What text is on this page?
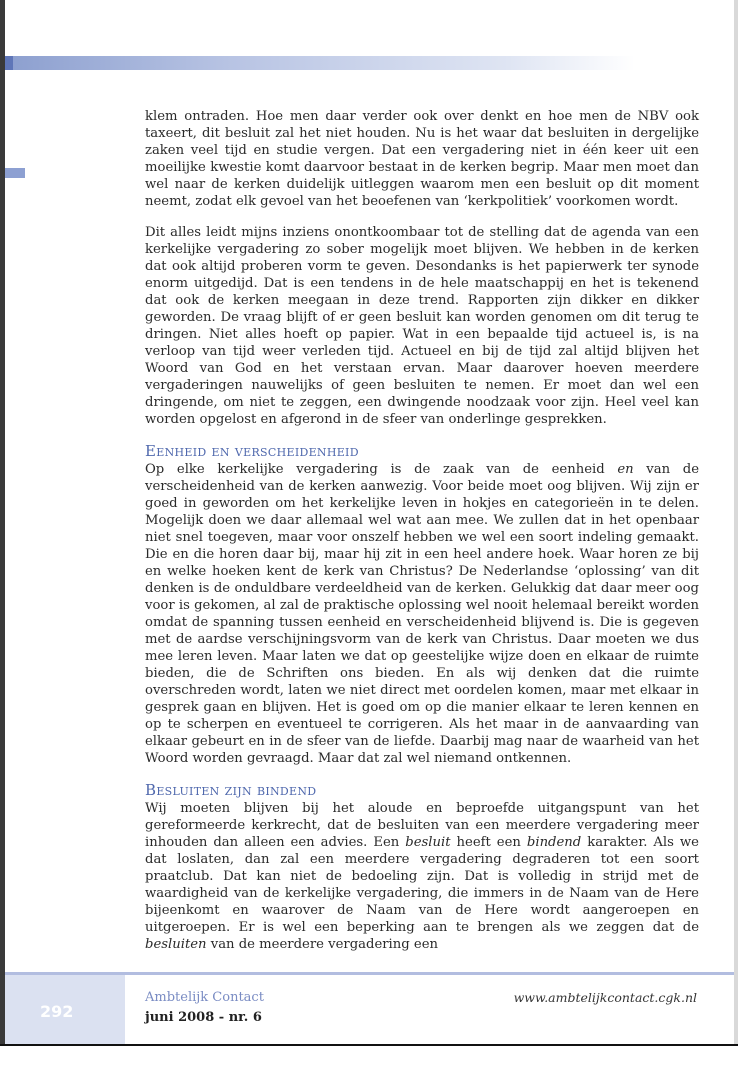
klem ontraden. Hoe men daar verder ook over denkt en hoe men de NBV ook taxeert, dit besluit zal het niet houden. Nu is het waar dat besluiten in dergelijke zaken veel tijd en studie vergen. Dat een vergadering niet in één keer uit een moeilijke kwestie komt daarvoor bestaat in de kerken begrip. Maar men moet dan wel naar de kerken duidelijk uitleggen waarom men een besluit op dit moment neemt, zodat elk gevoel van het beoefenen van ‘kerkpolitiek’ voorkomen wordt.

Dit alles leidt mijns inziens onontkoombaar tot de stelling dat de agenda van een kerkelijke vergadering zo sober mogelijk moet blijven. We hebben in de kerken dat ook altijd proberen vorm te geven. Desondanks is het papierwerk ter synode enorm uitgedijd. Dat is een tendens in de hele maatschappij en het is tekenend dat ook de kerken meegaan in deze trend. Rapporten zijn dikker en dikker geworden. De vraag blijft of er geen besluit kan worden genomen om dit terug te dringen. Niet alles hoeft op papier. Wat in een bepaalde tijd actueel is, is na verloop van tijd weer verleden tijd. Actueel en bij de tijd zal altijd blijven het Woord van God en het verstaan ervan. Maar daarover hoeven meerdere vergaderingen nauwelijks of geen besluiten te nemen. Er moet dan wel een dringende, om niet te zeggen, een dwingende noodzaak voor zijn. Heel veel kan worden opgelost en afgerond in de sfeer van onderlinge gesprekken.

Eenheid en verscheidenheid

Op elke kerkelijke vergadering is de zaak van de eenheid en van de verscheidenheid van de kerken aanwezig. Voor beide moet oog blijven. Wij zijn er goed in geworden om het kerkelijke leven in hokjes en categorieën in te delen. Mogelijk doen we daar allemaal wel wat aan mee. We zullen dat in het openbaar niet snel toegeven, maar voor onszelf hebben we wel een soort indeling gemaakt. Die en die horen daar bij, maar hij zit in een heel andere hoek. Waar horen ze bij en welke hoeken kent de kerk van Christus? De Nederlandse ‘oplossing’ van dit denken is de onduldbare verdeeldheid van de kerken. Gelukkig dat daar meer oog voor is gekomen, al zal de praktische oplossing wel nooit helemaal bereikt worden omdat de spanning tussen eenheid en verscheidenheid blijvend is. Die is gegeven met de aardse verschijningsvorm van de kerk van Christus. Daar moeten we dus mee leren leven. Maar laten we dat op geestelijke wijze doen en elkaar de ruimte bieden, die de Schriften ons bieden. En als wij denken dat die ruimte overschreden wordt, laten we niet direct met oordelen komen, maar met elkaar in gesprek gaan en blijven. Het is goed om op die manier elkaar te leren kennen en op te scherpen en eventueel te corrigeren. Als het maar in de aanvaarding van elkaar gebeurt en in de sfeer van de liefde. Daarbij mag naar de waarheid van het Woord worden gevraagd. Maar dat zal wel niemand ontkennen.

Besluiten zijn bindend

Wij moeten blijven bij het aloude en beproefde uitgangspunt van het gereformeerde kerkrecht, dat de besluiten van een meerdere vergadering meer inhouden dan alleen een advies. Een besluit heeft een bindend karakter. Als we dat loslaten, dan zal een meerdere vergadering degraderen tot een soort praatclub. Dat kan niet de bedoeling zijn. Dat is volledig in strijd met de waardigheid van de kerkelijke vergadering, die immers in de Naam van de Here bijeenkomt en waarover de Naam van de Here wordt aangeroepen en uitgeroepen. Er is wel een beperking aan te brengen als we zeggen dat de besluiten van de meerdere vergadering een

292
Ambtelijk Contact
juni 2008 - nr. 6
www.ambtelijkcontact.cgk.nl
